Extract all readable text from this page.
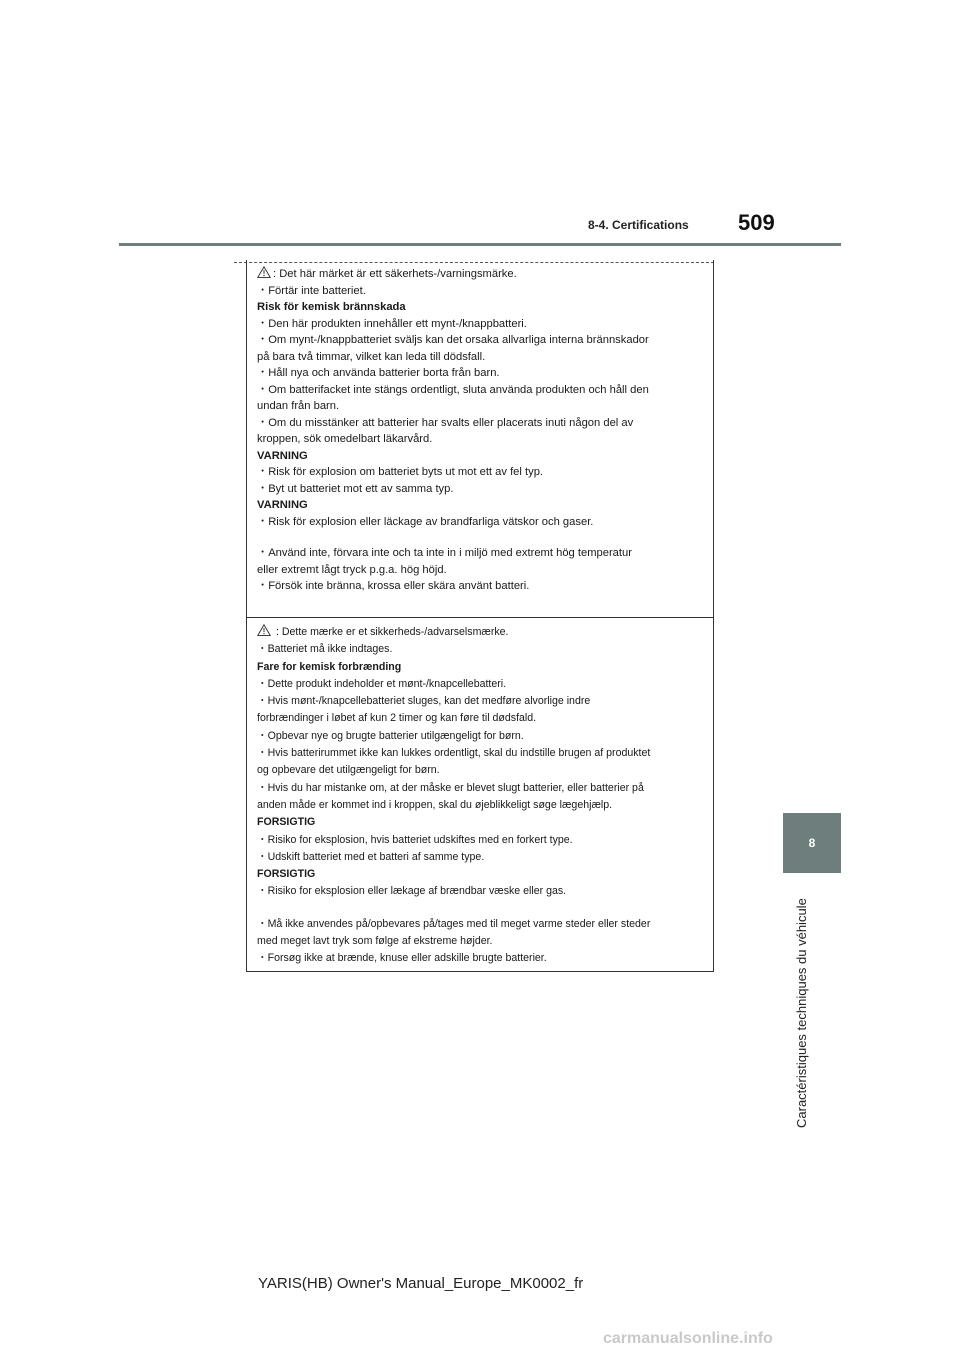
8-4. Certifications 509
8
Caractéristiques techniques du véhicule
: Det här märket är ett säkerhets-/varningsmärke.
・Förtär inte batteriet.
Risk för kemisk brännskada
・Den här produkten innehåller ett mynt-/knappbatteri.
・Om mynt-/knappbatteriet sväljs kan det orsaka allvarliga interna brännskador
på bara två timmar, vilket kan leda till dödsfall.
・Håll nya och använda batterier borta från barn.
・Om batterifacket inte stängs ordentligt, sluta använda produkten och håll den
undan från barn.
・Om du misstänker att batterier har svalts eller placerats inuti någon del av
kroppen, sök omedelbart läkarvård.
VARNING
・Risk för explosion om batteriet byts ut mot ett av fel typ.
・Byt ut batteriet mot ett av samma typ.
VARNING
・Risk för explosion eller läckage av brandfarliga vätskor och gaser.
・Använd inte, förvara inte och ta inte in i miljö med extremt hög temperatur
eller extremt lågt tryck p.g.a. hög höjd.
・Försök inte bränna, krossa eller skära använt batteri.
: Dette mærke er et sikkerheds-/advarselsmærke.
・Batteriet må ikke indtages.
Fare for kemisk forbrænding
・Dette produkt indeholder et mønt-/knapcellebatteri.
・Hvis mønt-/knapcellebatteriet sluges, kan det medføre alvorlige indre
forbrændinger i løbet af kun 2 timer og kan føre til dødsfald.
・Opbevar nye og brugte batterier utilgængeligt for børn.
・Hvis batterirummet ikke kan lukkes ordentligt, skal du indstille brugen af produktet
og opbevare det utilgængeligt for børn.
・Hvis du har mistanke om, at der måske er blevet slugt batterier, eller batterier på
anden måde er kommet ind i kroppen, skal du øjeblikkeligt søge lægehjælp.
FORSIGTIG
・Risiko for eksplosion, hvis batteriet udskiftes med en forkert type.
・Udskift batteriet med et batteri af samme type.
FORSIGTIG
・Risiko for eksplosion eller lækage af brændbar væske eller gas.
・Må ikke anvendes på/opbevares på/tages med til meget varme steder eller steder
med meget lavt tryk som følge af ekstreme højder.
・Forsøg ikke at brænde, knuse eller adskille brugte batterier.
YARIS(HB) Owner's Manual_Europe_MK0002_fr
carmanualsonline.info
